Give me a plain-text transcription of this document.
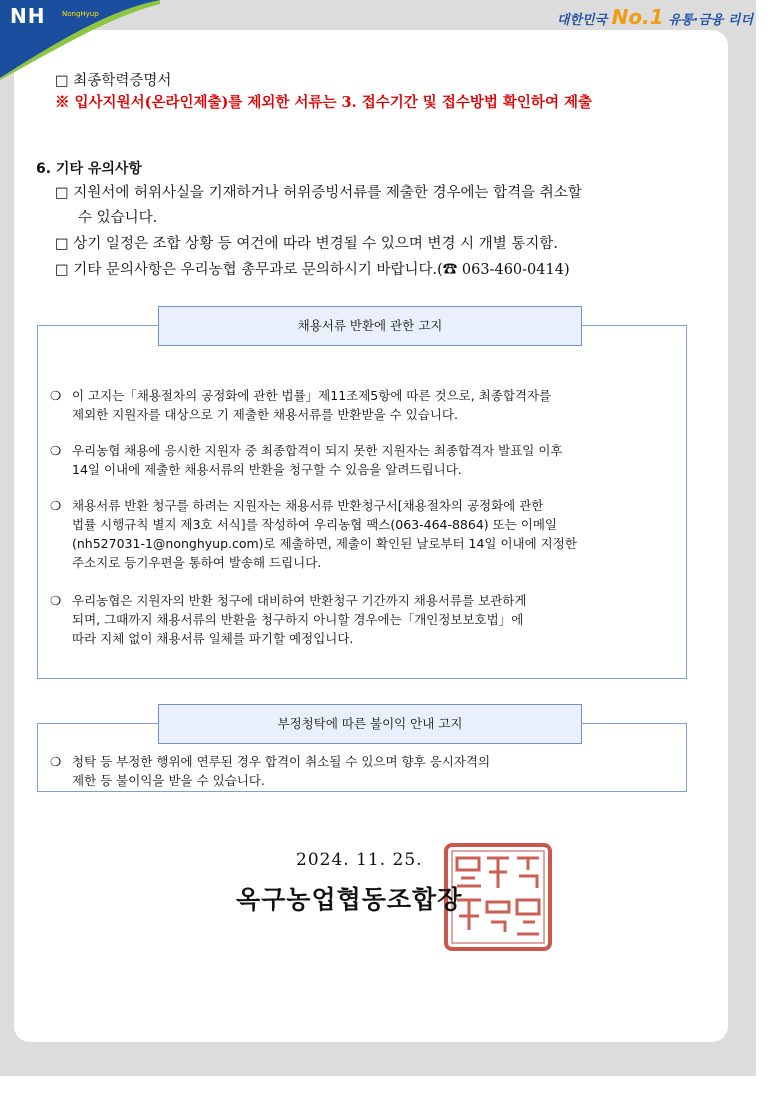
NH NongHyup	대한민국 No.1 유통·금융 리더
□ 최종학력증명서
※ 입사지원서(온라인제출)를 제외한 서류는 3. 접수기간 및 접수방법 확인하여 제출
6. 기타 유의사항
□ 지원서에 허위사실을 기재하거나 허위증빙서류를 제출한 경우에는 합격을 취소할
수 있습니다.
□ 상기 일정은 조합 상황 등 여건에 따라 변경될 수 있으며 변경 시 개별 통지함.
□ 기타 문의사항은 우리농협 총무과로 문의하시기 바랍니다.(☎ 063-460-0414)
채용서류 반환에 관한 고지
❍ 이 고지는「채용절차의 공정화에 관한 법률」제11조제5항에 따른 것으로, 최종합격자를
제외한 지원자를 대상으로 기 제출한 채용서류를 반환받을 수 있습니다.
❍ 우리농협 채용에 응시한 지원자 중 최종합격이 되지 못한 지원자는 최종합격자 발표일 이후
14일 이내에 제출한 채용서류의 반환을 청구할 수 있음을 알려드립니다.
❍ 채용서류 반환 청구를 하려는 지원자는 채용서류 반환청구서[채용절차의 공정화에 관한
법률 시행규칙 별지 제3호 서식]를 작성하여 우리농협 팩스(063-464-8864) 또는 이메일
(nh527031-1@nonghyup.com)로 제출하면, 제출이 확인된 날로부터 14일 이내에 지정한
주소지로 등기우편을 통하여 발송해 드립니다.
❍ 우리농협은 지원자의 반환 청구에 대비하여 반환청구 기간까지 채용서류를 보관하게
되며, 그때까지 채용서류의 반환을 청구하지 아니할 경우에는「개인정보보호법」에
따라 지체 없이 채용서류 일체를 파기할 예정입니다.
부정청탁에 따른 불이익 안내 고지
❍ 청탁 등 부정한 행위에 연루된 경우 합격이 취소될 수 있으며 향후 응시자격의
제한 등 불이익을 받을 수 있습니다.
2024. 11. 25.
옥구농업협동조합장
